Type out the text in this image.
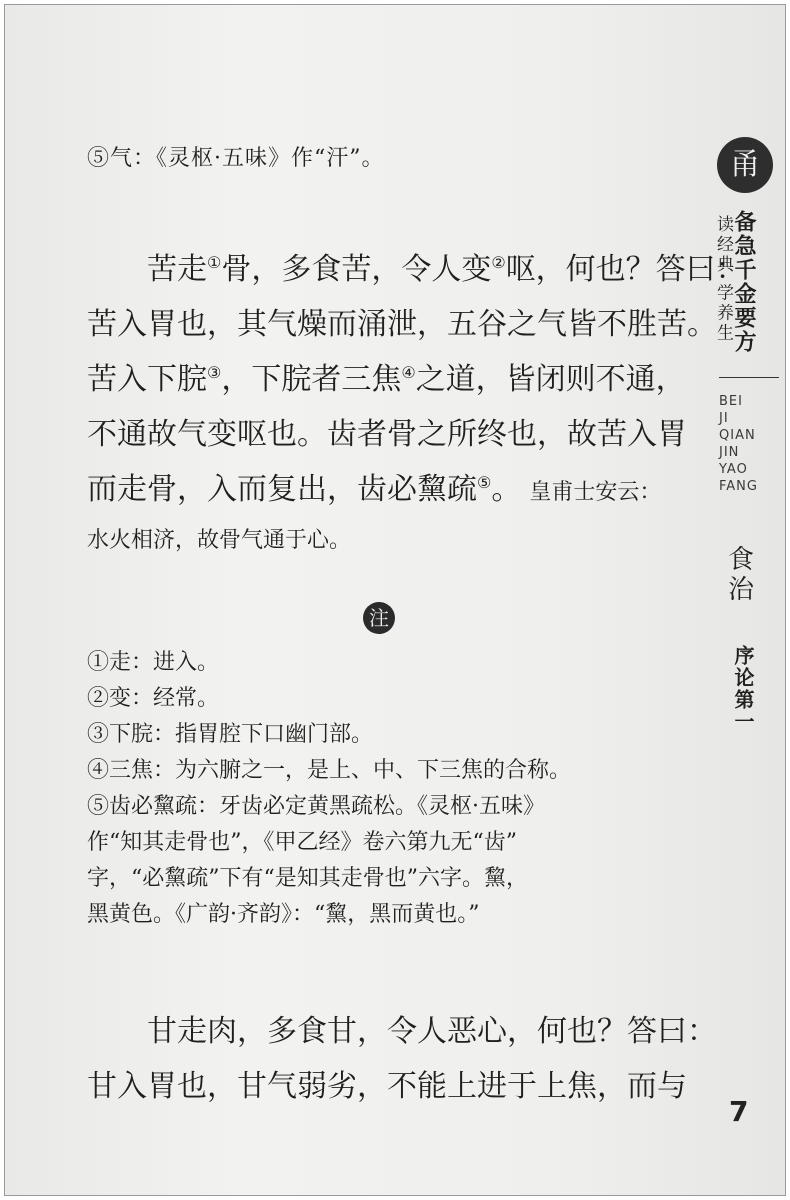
⑤气：《灵枢·五味》作“汗”。
苦走①骨，多食苦，令人变②呕，何也？答曰：
苦入胃也，其气燥而涌泄，五谷之气皆不胜苦。
苦入下脘③，下脘者三焦④之道，皆闭则不通，
不通故气变呕也。齿者骨之所终也，故苦入胃
而走骨，入而复出，齿必黧疏⑤。 皇甫士安云：
水火相济，故骨气通于心。
注
①走：进入。
②变：经常。
③下脘：指胃腔下口幽门部。
④三焦：为六腑之一，是上、中、下三焦的合称。
⑤齿必黧疏：牙齿必定黄黑疏松。《灵枢·五味》
作“知其走骨也”，《甲乙经》卷六第九无“齿”
字，“必黧疏”下有“是知其走骨也”六字。黧，
黑黄色。《广韵·齐韵》：“黧，黑而黄也。”
甘走肉，多食甘，令人恶心，何也？答曰：
甘入胃也，甘气弱劣，不能上进于上焦，而与
甬
备急千金要方
读经典 学养生
BEI
JI
QIAN
JIN
YAO
FANG
食治
序论第一
7
